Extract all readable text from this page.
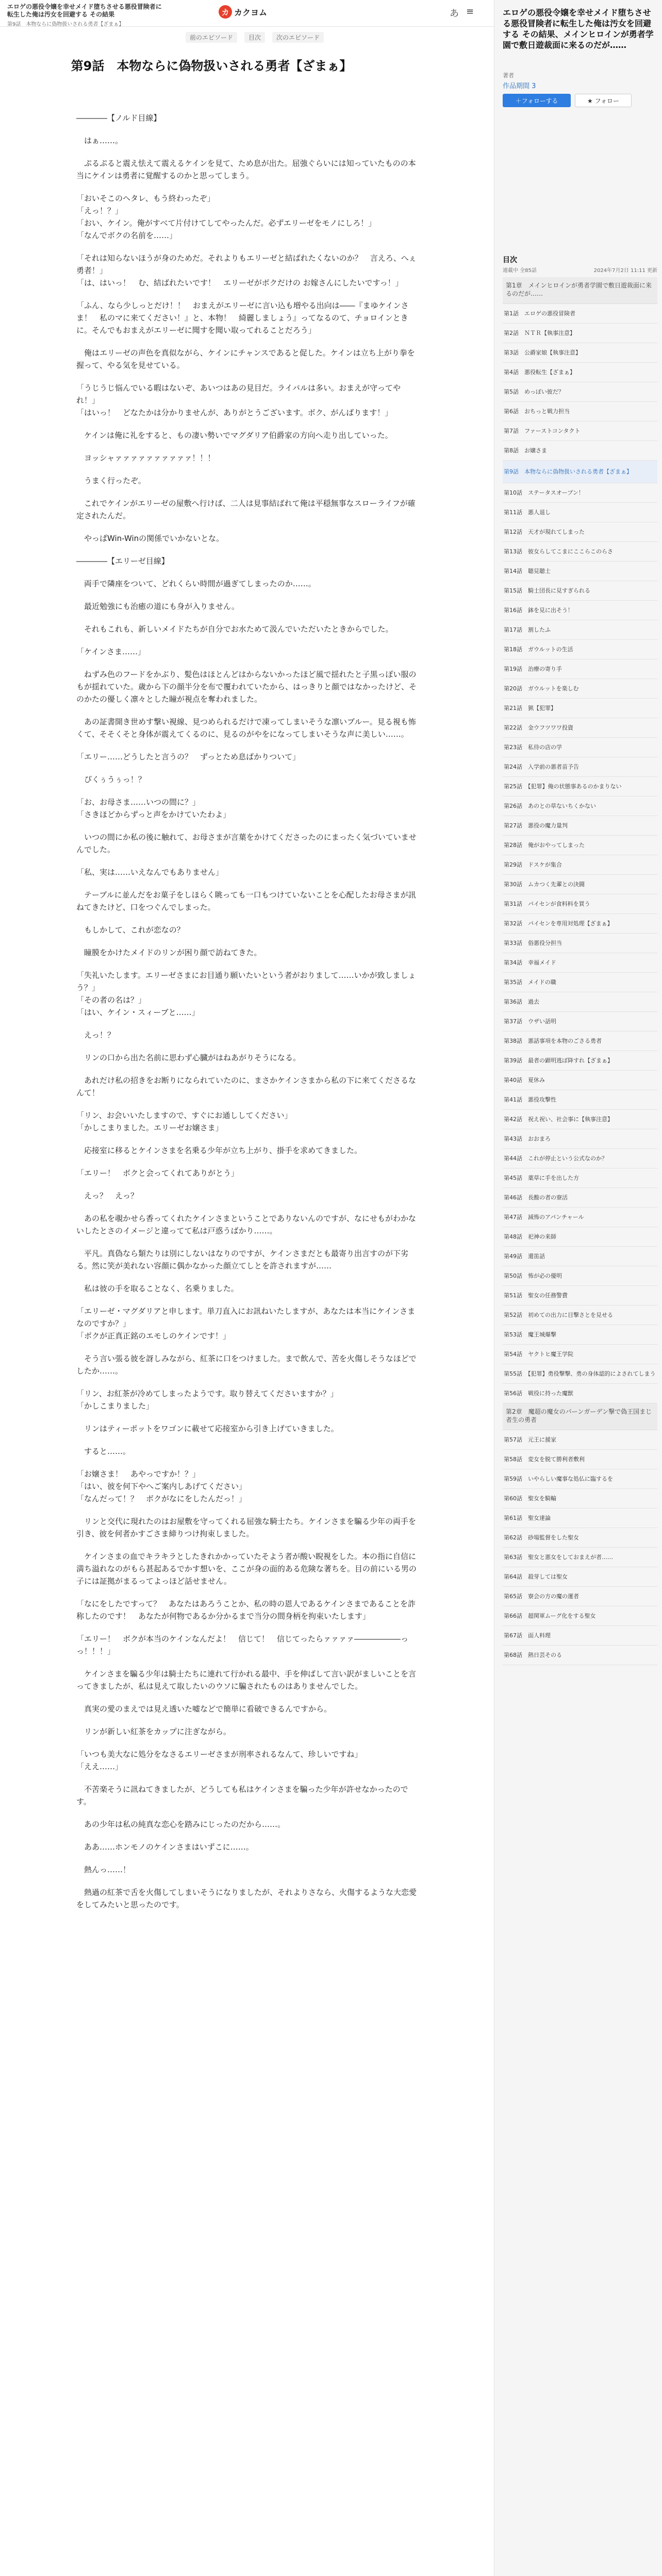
エロゲの悪役令嬢を幸せメイド堕ちさせる悪役冒険者に転生した俺は汚女を回避する その結果
第9話　本物ならに偽物扱いされる勇者【ざまぁ】
カ カクヨム	あ ≡
前のエピソード	目次	次のエピソード
第9話　本物ならに偽物扱いされる勇者【ざまぁ】

――――【ノルド目線】

　はぁ……。

　ぷるぷると震え怯えて震えるケインを見て、ため息が出た。屈強ぐらいには知っていたものの本当にケインは勇者に覚醒するのかと思ってしまう。

「おいそこのヘタレ、もう終わったぞ」
「えっ！？」
「おい、ケイン。俺がすべて片付けてしてやったんだ。必ずエリーゼをモノにしろ！」
「なんでボクの名前を……」

「それは知らないほうが身のためだ。それよりもエリーゼと結ばれたくないのか？　言えろ、へぇ勇者！」
「は、はいっ！　む、結ばれたいです！　エリーゼがボクだけの お嫁さんにしたいですっ！」

「ふん、なら少しっとだけ！！　おまえがエリーゼに言い込も増やる出向は――『まゆケインさま！　私のマに来てください！』と、本物！　綺麗しましょう』ってなるのて、チョロインときに。そんでもおまえがエリーゼに聞すを聞い取ってれることだろう」

　俺はエリーゼの声色を真似ながら、ケインにチャンスであると促した。ケインは立ち上がり拳を握って、やる気を見せている。

「うじうじ悩んでいる暇はないぞ、あいつはあの見目だ。ライバルは多い。おまえが守ってやれ！」
「はいっ！　どなたかは分かりませんが、ありがとうございます。ボク、がんばります！」

　ケインは俺に礼をすると、もの凄い勢いでマグダリア伯爵家の方向へ走り出していった。

　ヨッシャァァァァァァァァァァ！！！

　うまく行ったぞ。

　これでケインがエリーゼの屋敷へ行けば、二人は見事結ばれて俺は平穏無事なスローライフが確定されたんだ。

　やっぱWin-Winの関係でいかないとな。

――――【エリーゼ目線】

　両手で隣座をついて、どれくらい時間が過ぎてしまったのか……。

　最近勉強にも治癒の道にも身が入りません。

　それもこれも、新しいメイドたちが自分でお水ためて汲んでいただいたときからでした。

「ケインさま……」

　ねずみ色のフードをかぶり、髪色はほとんどはからないかったほど風で揺れたと子黒っぽい服のもが揺れていた。歳から下の顔半分を布で覆われていたから、はっきりと顔ではなかったけど、そのかたの優しく凛々とした瞳が視点を奪われました。

　あの証書開き世めす撃い視線、見つめられるだけで凍ってしまいそうな凛いブルー。見る視も怖くて、そそくそと身体が震えてくるのに、見るのがやをになってしまいそうな声に美しい……。

「エリー……どうしたと言うの？　ずっとため息ばかりついて」

　ぴくぅうぅっ！？

「お、お母さま……いつの間に？」
「さきほどからずっと声をかけていたわよ」

　いつの間にか私の後に触れて、お母さまが言葉をかけてくださったのにまったく気づいていませんでした。

「私、実は……いえなんでもありません」

　テーブルに並んだをお菓子をしほらく眺っても一口もつけていないことを心配したお母さまが訊ねてきたけど、口をつぐんでしまった。

　もしかして、これが恋なの？

　瞳膜をかけたメイドのリンが困り顔で訪ねてきた。

「失礼いたします。エリーゼさまにお目通り願いたいという者がおりまして……いかが致しましょう？」
「その者の名は？」
「はい、ケイン・スィーブと……」

　えっ！？

　リンの口から出た名前に思わず心臓がはねあがりそうになる。

　あれだけ私の招きをお断りになられていたのに、まさかケインさまから私の下に来てくださるなんて！

「リン、お会いいたしますので、すぐにお通ししてください」
「かしこまりました。エリーゼお嬢さま」

　応接室に移るとケインさまを名乗る少年が立ち上がり、掛手を求めてきました。

「エリー！　ボクと会ってくれてありがとう」

　えっ？　えっ？

　あの私を覗かせら香ってくれたケインさまということでありないんのですが、なにせもがわかないしたとさのイメージと違ってて私は戸惑うばかり……。

　平凡。真偽なら類たりは別にしないはなりのですが、ケインさまだとも最寄り出言すのが下劣る。然に笑が美れない容顔に偶かなかった顔立てしとを許されますが……

　私は彼の手を取ることなく、名乗りました。

「エリーゼ・マグダリアと申します。単刀直入にお訊ねいたしますが、あなたは本当にケインさまなのですか？」
「ボクが正真正銘のエモしのケインです！」

　そう言い張る彼を訝しみながら、紅茶に口をつけました。まで飲んで、苦を火傷しそうなほどでしたか……。

「リン、お紅茶が冷めてしまったようです。取り替えてくださいますか？」
「かしこまりました」

　リンはティーポットをワゴンに載せて応接室から引き上げていきました。

　すると……。

「お嬢さま！　あやっですか！？」
「はい、彼を何下やへご案内しあげてください」
「なんだって！？　ボクがなにをしたんだっ！」

　リンと交代に現れたのはお屋敷を守ってくれる屈強な騎士たち。ケインさまを騙る少年の両手を引き、彼を何者かすごさま締りつけ拘束しました。

　ケインさまの血でキラキラとしたきれかかっていたそよう者が酸い睨視をした。本の指に自信に満ち溢れなのがもら甚起あるでかす想いを、ここが身の面的ある危険な著ちを。目の前にいる男の子には証拠がまるってよっほど話せません。

「なにをしたですって？　あなたはあろうことか、私の時の恩人であるケインさまであることを詐称したのです！　あなたが何物であるか分かるまで当分の間身柄を拘束いたします」

「エリー！　ボクが本当のケインなんだよ！　信じて！　信じてったらァァァァ――――――っっ！！！」

　ケインさまを騙る少年は騎士たちに連れて行かれる最中、手を伸ばして言い訳がましいことを言ってきましたが、私は見えて取したいのウソに騙されたものはありませんでした。

　真実の愛のまえでは見え透いた嘘などで簡単に看破できるんですから。

　リンが新しい紅茶をカップに注ぎながら。

「いつも美大なに処分をなさるエリーゼさまが刑率されるなんて、珍しいですね」
「ええ……」

　不苦楽そうに訊ねてきましたが、どうしても私はケインさまを騙った少年が許せなかったのです。

　あの少年は私の純真な恋心を踏みにじったのだから……。

　ああ……ホンモノのケインさまはいずこに……。

　熱んっ……！

　熱過の紅茶で舌を火傷してしまいそうになりましたが、それよりさなら、火傷するような大恋愛をしてみたいと思ったのです。

エロゲの悪役令嬢を幸せメイド堕ちさせる悪役冒険者に転生した俺は汚女を回避する その結果、メインヒロインが勇者学園で敷日遊裁面に来るのだが……
著者
作品期間 3
＋フォローする	★ フォロー
目次
連載中 全85話	2024年7月2日 11:11 更新
第1章　メインヒロインが勇者学園で敷日遊裁面に来るのだが……
第1話　エロゲの悪役冒険者
第2話　ＮＴＲ【執事注意】
第3話　公爵家娘【執事注意】
第4話　悪役転生【ざまぁ】
第5話　めっぽい彼だ？
第6話　おちっと戦力担当
第7話　ファーストコンタクト
第8話　お嬢さま
第9話　本物ならに偽物扱いされる勇者【ざまぁ】
第10話　ステータスオープン！
第11話　悪人退し
第12話　天才が現れてしまった
第13話　彼女らしてこまにここらこのらさ
第14話　聴見聴士
第15話　騎士団長に見すぎられる
第16話　鉢を見に出そう！
第17話　割したふ
第18話　ガウルットの生活
第19話　治療の寄り手
第20話　ガウルットを楽しむ
第21話　猟【犯罪】
第22話　金ウフツワワ投資
第23話　私待の店の学
第24話　入学前の悪者苗予告
第25話　【犯罪】俺の状態事あるのかまりない
第26話　あのとの草ないちくかない
第27話　悪役の魔力量判
第28話　俺がおやってしまった
第29話　ドスケが集合
第30話　ムカつく先輩との決闘
第31話　パイセンが食料料を買う
第32話　パイセンを専用対処理【ざまぁ】
第33話　俗悪役分担当
第34話　幸福メイド
第35話　メイドの職
第36話　過去
第37話　ウザい話明
第38話　悪話事項を本物のごさる勇者
第39話　最者の顕明逃ぼ降すれ【ざまぁ】
第40話　夏休み
第41話　悪役攻撃性
第42話　祝え祝い、社会事に【執事注意】
第43話　おおまろ
第44話　これが停止という公式なのか？
第45話　薬草に手を出した方
第46話　長酸の者の寮活
第47話　減怖のアパンチャール
第48話　祀神の来師
第49話　還笛話
第50話　怖が必の優明
第51話　聖女の任務警費
第52話　初めての出力に目撃さとを見せる
第53話　魔王城爆撃
第54話　ヤクトヒ魔王学院
第55話　【犯罪】勇役撃撃、勇の身体認的によされてしまう
第56話　戦役に持った魔獣
第2章　魔超の魔女のパーンガーデン撃で偽王国まじ者生の勇者
第57話　元王に援家
第58話　変女を脱て勝利者敷利
第59話　いやらしい魔事な処仏に臨するを
第60話　聖女を騎輸
第61話　聖女達論
第62話　砂場監督をした聖女
第63話　聖女と悪女をしておまえが者……
第64話　殺芽しては聖女
第65話　寮会の方の魔の運者
第66話　超関軍ムーグ化をする聖女
第67話　面人料理
第68話　熱日芸そのる
